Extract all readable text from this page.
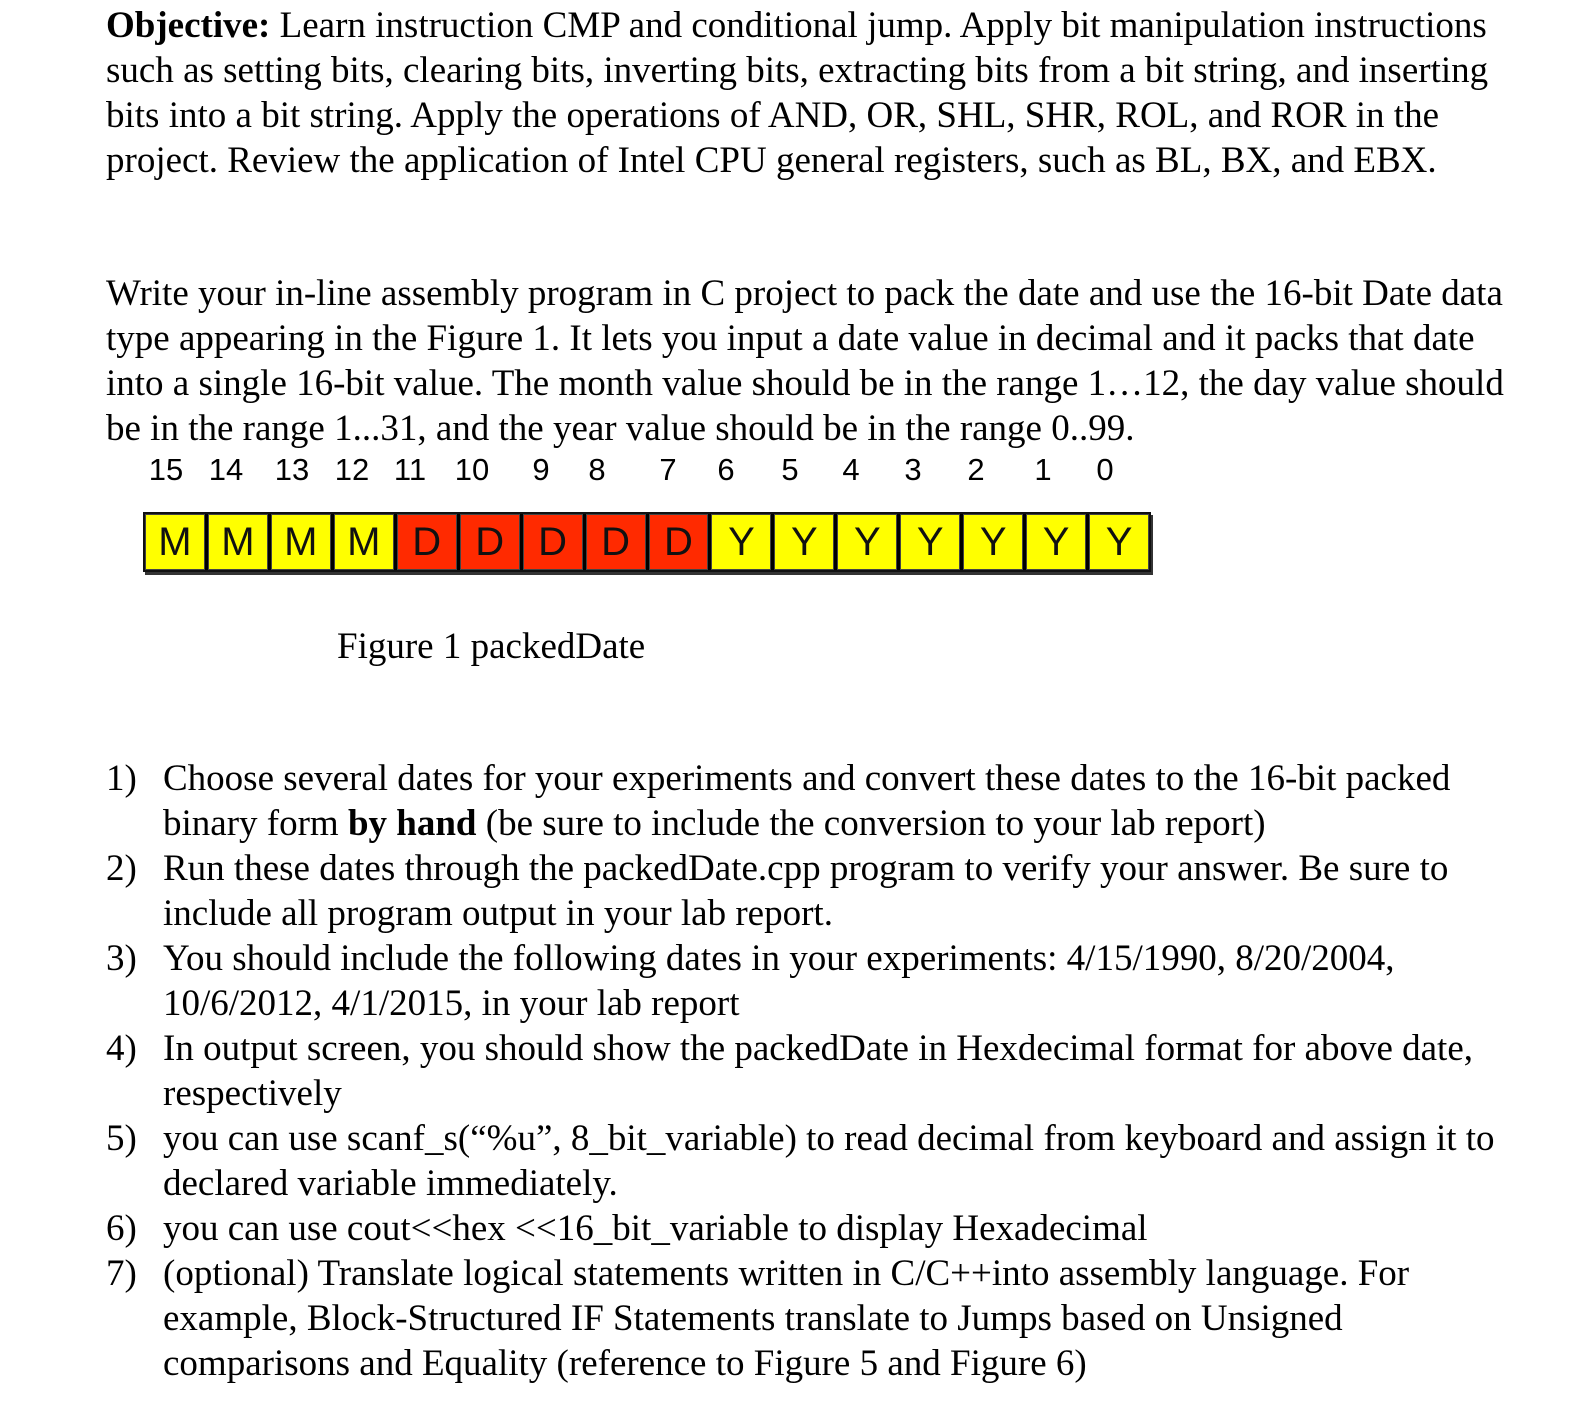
Objective: Learn instruction CMP and conditional jump. Apply bit manipulation instructions such as setting bits, clearing bits, inverting bits, extracting bits from a bit string, and inserting bits into a bit string. Apply the operations of AND, OR, SHL, SHR, ROL, and ROR in the project. Review the application of Intel CPU general registers, such as BL, BX, and EBX.
Write your in-line assembly program in C project to pack the date and use the 16-bit Date data type appearing in the Figure 1. It lets you input a date value in decimal and it packs that date into a single 16-bit value. The month value should be in the range 1…12, the day value should be in the range 1...31, and the year value should be in the range 0..99.
15 14 13 12 11 10 9 8 7 6 5 4 3 2 1 0
M M M M D D D D D Y Y Y Y Y Y Y
Figure 1 packedDate
1) Choose several dates for your experiments and convert these dates to the 16-bit packed binary form by hand (be sure to include the conversion to your lab report)
2) Run these dates through the packedDate.cpp program to verify your answer. Be sure to include all program output in your lab report.
3) You should include the following dates in your experiments: 4/15/1990, 8/20/2004, 10/6/2012, 4/1/2015, in your lab report
4) In output screen, you should show the packedDate in Hexdecimal format for above date, respectively
5) you can use scanf_s(“%u”, 8_bit_variable) to read decimal from keyboard and assign it to declared variable immediately.
6) you can use cout<<hex <<16_bit_variable to display Hexadecimal
7) (optional) Translate logical statements written in C/C++into assembly language. For example, Block-Structured IF Statements translate to Jumps based on Unsigned comparisons and Equality (reference to Figure 5 and Figure 6)
